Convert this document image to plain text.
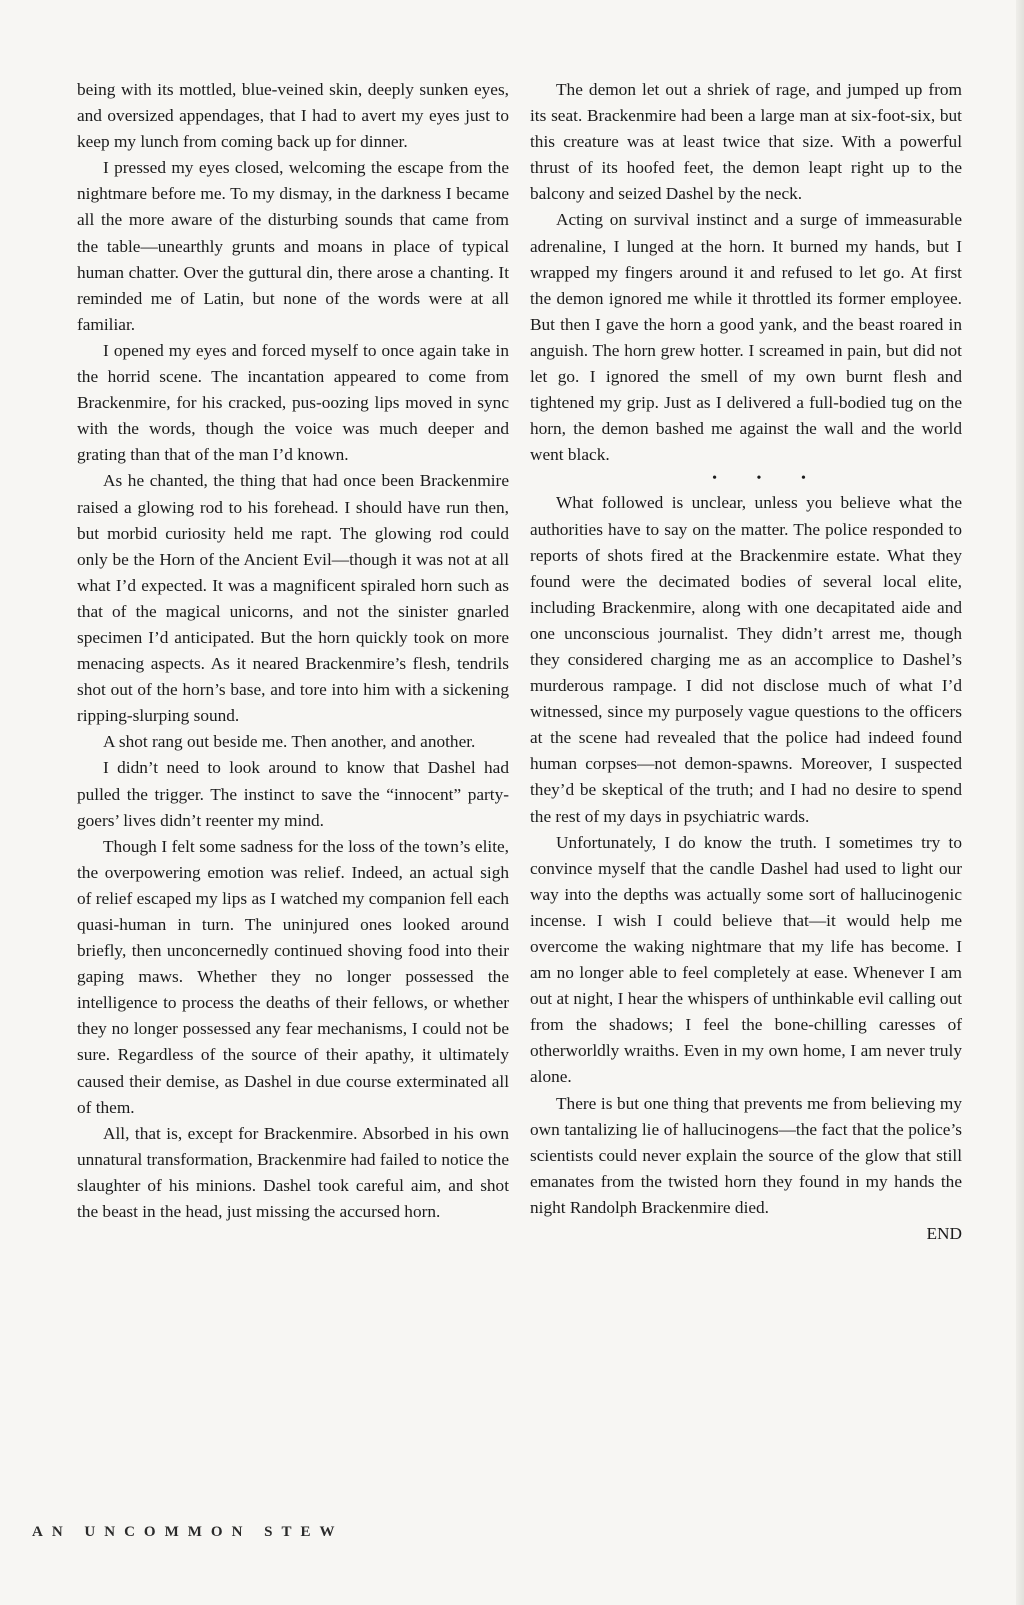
being with its mottled, blue-veined skin, deeply sunken eyes, and oversized appendages, that I had to avert my eyes just to keep my lunch from coming back up for dinner.

I pressed my eyes closed, welcoming the escape from the nightmare before me. To my dismay, in the darkness I became all the more aware of the disturbing sounds that came from the table—unearthly grunts and moans in place of typical human chatter. Over the guttural din, there arose a chanting. It reminded me of Latin, but none of the words were at all familiar.

I opened my eyes and forced myself to once again take in the horrid scene. The incantation appeared to come from Brackenmire, for his cracked, pus-oozing lips moved in sync with the words, though the voice was much deeper and grating than that of the man I’d known.

As he chanted, the thing that had once been Brackenmire raised a glowing rod to his forehead. I should have run then, but morbid curiosity held me rapt. The glowing rod could only be the Horn of the Ancient Evil—though it was not at all what I’d expected. It was a magnificent spiraled horn such as that of the magical unicorns, and not the sinister gnarled specimen I’d anticipated. But the horn quickly took on more menacing aspects. As it neared Brackenmire’s flesh, tendrils shot out of the horn’s base, and tore into him with a sickening ripping-slurping sound.

A shot rang out beside me. Then another, and another.

I didn’t need to look around to know that Dashel had pulled the trigger. The instinct to save the “innocent” party-goers’ lives didn’t reenter my mind.

Though I felt some sadness for the loss of the town’s elite, the overpowering emotion was relief. Indeed, an actual sigh of relief escaped my lips as I watched my companion fell each quasi-human in turn. The uninjured ones looked around briefly, then unconcernedly continued shoving food into their gaping maws. Whether they no longer possessed the intelligence to process the deaths of their fellows, or whether they no longer possessed any fear mechanisms, I could not be sure. Regardless of the source of their apathy, it ultimately caused their demise, as Dashel in due course exterminated all of them.

All, that is, except for Brackenmire. Absorbed in his own unnatural transformation, Brackenmire had failed to notice the slaughter of his minions. Dashel took careful aim, and shot the beast in the head, just missing the accursed horn.

The demon let out a shriek of rage, and jumped up from its seat. Brackenmire had been a large man at six-foot-six, but this creature was at least twice that size. With a powerful thrust of its hoofed feet, the demon leapt right up to the balcony and seized Dashel by the neck.

Acting on survival instinct and a surge of immeasurable adrenaline, I lunged at the horn. It burned my hands, but I wrapped my fingers around it and refused to let go. At first the demon ignored me while it throttled its former employee. But then I gave the horn a good yank, and the beast roared in anguish. The horn grew hotter. I screamed in pain, but did not let go. I ignored the smell of my own burnt flesh and tightened my grip. Just as I delivered a full-bodied tug on the horn, the demon bashed me against the wall and the world went black.

• • •

What followed is unclear, unless you believe what the authorities have to say on the matter. The police responded to reports of shots fired at the Brackenmire estate. What they found were the decimated bodies of several local elite, including Brackenmire, along with one decapitated aide and one unconscious journalist. They didn’t arrest me, though they considered charging me as an accomplice to Dashel’s murderous rampage. I did not disclose much of what I’d witnessed, since my purposely vague questions to the officers at the scene had revealed that the police had indeed found human corpses—not demon-spawns. Moreover, I suspected they’d be skeptical of the truth; and I had no desire to spend the rest of my days in psychiatric wards.

Unfortunately, I do know the truth. I sometimes try to convince myself that the candle Dashel had used to light our way into the depths was actually some sort of hallucinogenic incense. I wish I could believe that—it would help me overcome the waking nightmare that my life has become. I am no longer able to feel completely at ease. Whenever I am out at night, I hear the whispers of unthinkable evil calling out from the shadows; I feel the bone-chilling caresses of otherworldly wraiths. Even in my own home, I am never truly alone.

There is but one thing that prevents me from believing my own tantalizing lie of hallucinogens—the fact that the police’s scientists could never explain the source of the glow that still emanates from the twisted horn they found in my hands the night Randolph Brackenmire died.

END

AN UNCOMMON STEW
